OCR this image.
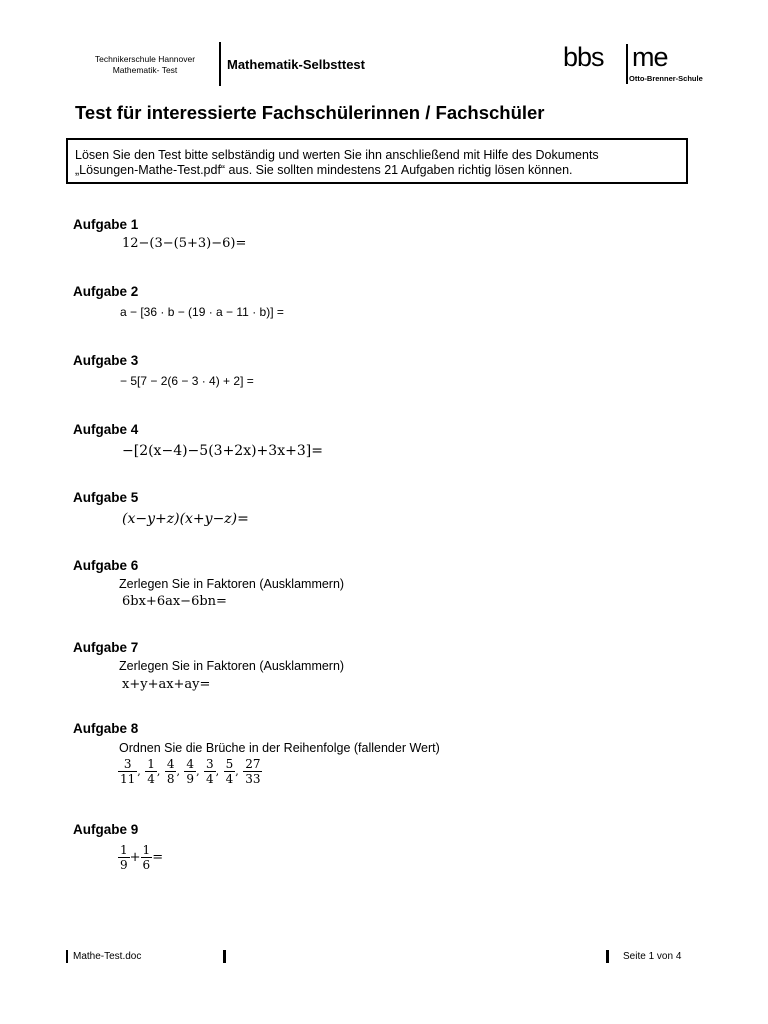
Technikerschule Hannover
Mathematik- Test	Mathematik-Selbsttest	bbs me
Otto-Brenner-Schule
Test für interessierte Fachschülerinnen / Fachschüler
Lösen Sie den Test bitte selbständig und werten Sie ihn anschließend mit Hilfe des Dokuments
„Lösungen-Mathe-Test.pdf“ aus. Sie sollten mindestens 21 Aufgaben richtig lösen können.
Aufgabe 1
12−(3−(5+3)−6)=
Aufgabe 2
a − [36 · b − (19 · a − 11 · b)] =
Aufgabe 3
− 5[7 − 2(6 − 3 · 4) + 2] =
Aufgabe 4
−[2(x−4)−5(3+2x)+3x+3]=
Aufgabe 5
(x−y+z)(x+y−z)=
Aufgabe 6
Zerlegen Sie in Faktoren (Ausklammern)
6bx+6ax−6bn=
Aufgabe 7
Zerlegen Sie in Faktoren (Ausklammern)
x+y+ax+ay=
Aufgabe 8
Ordnen Sie die Brüche in der Reihenfolge (fallender Wert)
$\frac{3}{11}$ , $\frac{1}{4}$ , $\frac{4}{8}$ , $\frac{4}{9}$ , $\frac{3}{4}$ , $\frac{5}{4}$ , $\frac{27}{33}$
Aufgabe 9
$\frac{1}{9} + \frac{1}{6}$ =
Mathe-Test.doc	Seite 1 von 4
